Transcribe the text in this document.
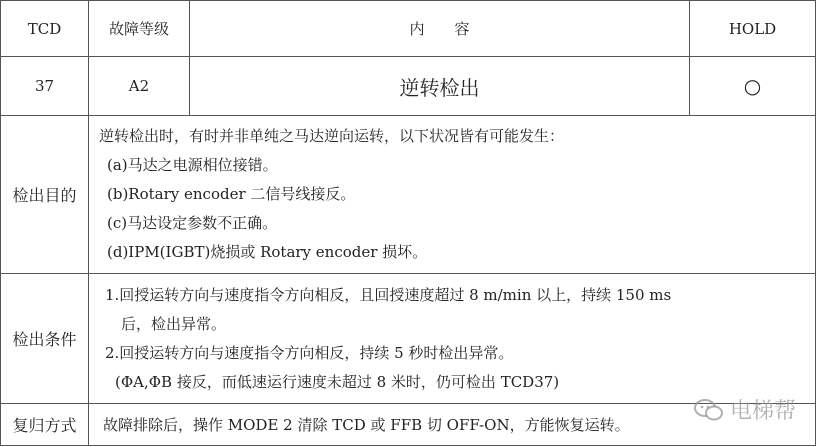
TCD	故障等级	内　　容	HOLD
37	A2	逆转检出	○
检出目的	逆转检出时，有时并非单纯之马达逆向运转，以下状况皆有可能发生：
(a)马达之电源相位接错。
(b)Rotary encoder 二信号线接反。
(c)马达设定参数不正确。
(d)IPM(IGBT)烧损或 Rotary encoder 损坏。		

检出条件	1.回授运转方向与速度指令方向相反，且回授速度超过 8 m/min 以上，持续 150 ms
后，检出异常。
2.回授运转方向与速度指令方向相反，持续 5 秒时检出异常。
(ΦA,ΦB 接反，而低速运行速度未超过 8 米时，仍可检出 TCD37)		

复归方式	故障排除后，操作 MODE 2 清除 TCD 或 FFB 切 OFF-ON，方能恢复运转。		
电梯帮
